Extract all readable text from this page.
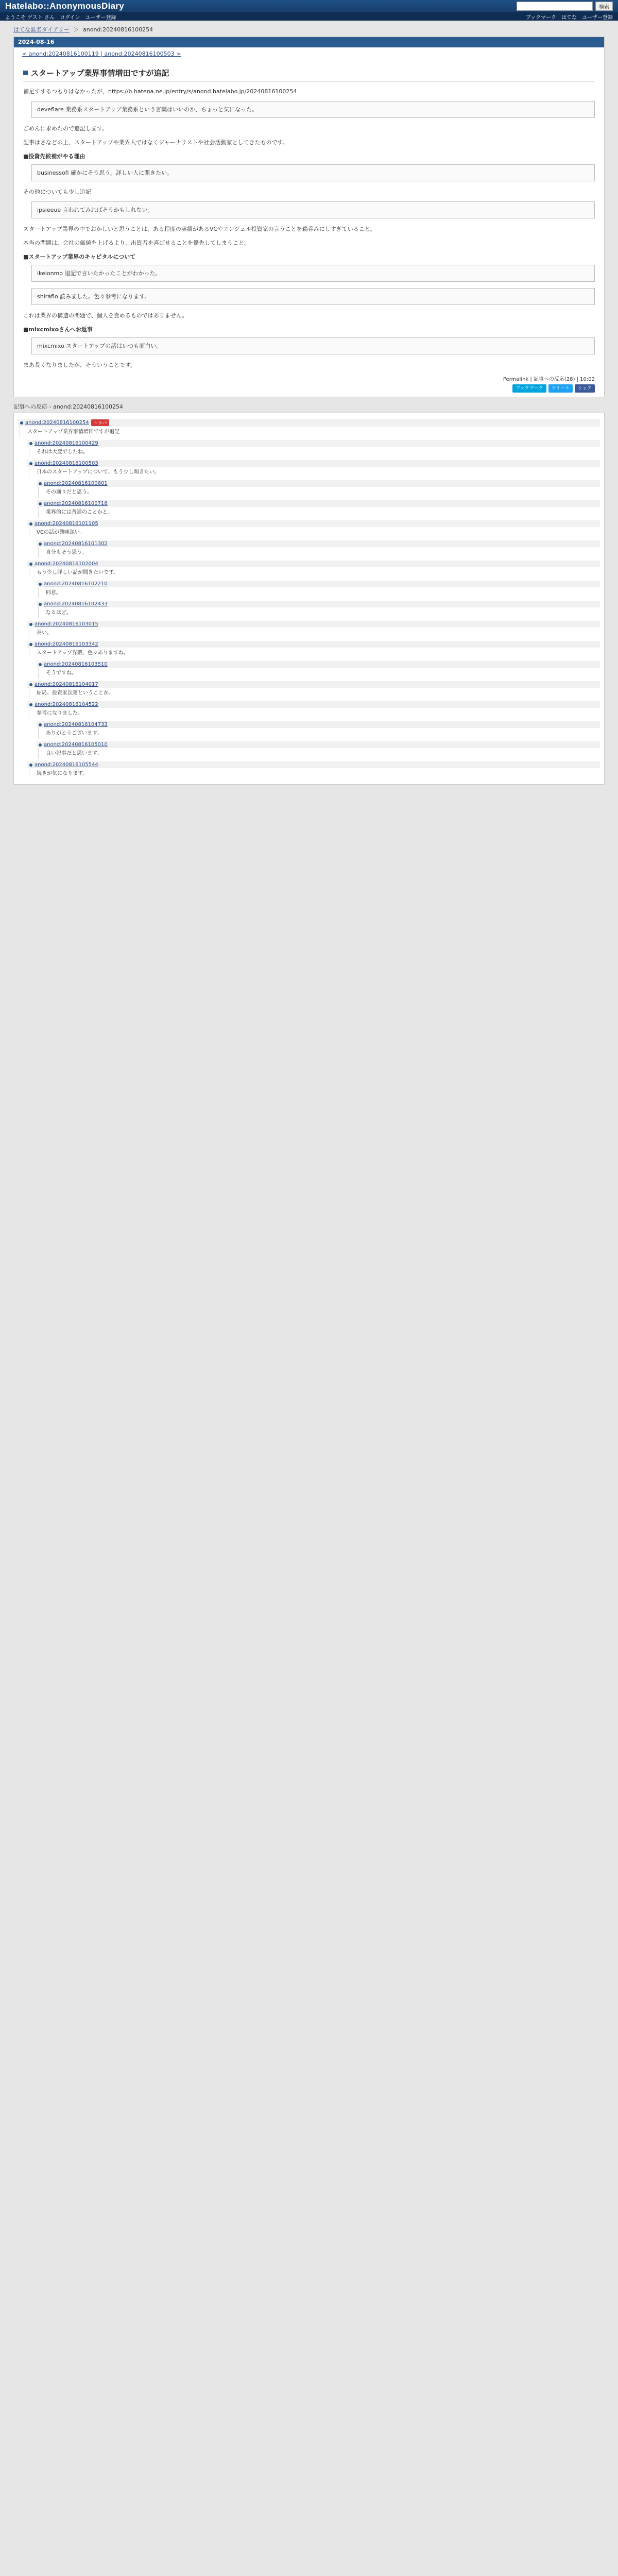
Hatelabo::AnonymousDiary	検索
ようこそ ゲスト さん ログイン ユーザー登録	ブックマーク はてな ユーザー登録
はてな匿名ダイアリー ＞ anond:20240816100254
2024-08-16
< anond:20240816100119 | anond:20240816100503 >
スタートアップ業界事情増田ですが追記

補足すするつもりはなかったが、https://b.hatena.ne.jp/entry/s/anond.hatelabo.jp/20240816100254

deveflare 業務系スタートアップ業務系という言葉はいいのか、ちょっと気になった。

ごめんに求めたので追記します。

記事はさなどの上、スタートアップや業界人ではなくジャーナリストや社会活動家としてきたものです。

■投資先候補がやる理由
businessofi 確かにそう思う。詳しい人に聞きたい。

その他についても少し追記

ipsieeue 言われてみればそうかもしれない。

スタートアップ業界の中でおかしいと思うことは、ある程度の実績があるVCやエンジェル投資家の言うことを鵜呑みにしすぎていること。

本当の問題は、会社の価値を上げるより、出資者を喜ばせることを優先してしまうこと。

■スタートアップ業界のキャピタルについて
ikeionmo 追記で言いたかったことがわかった。
shiraflo 読みました。色々参考になります。

これは業界の構造の問題で、個人を責めるものではありません。

■mixcmixoさんへお返事
mixcmixo スタートアップの話はいつも面白い。

まあ長くなりましたが、そういうことです。

Permalink | 記事への反応(28) | 10:02
ブックマーク	ツイート	シェア
記事への反応 - anond:20240816100254
anond:20240816100254 トラバ
スタートアップ業界事情増田ですが追記
anond:20240816100429
それは大変でしたね。
anond:20240816100503
日本のスタートアップについて、もう少し聞きたい。
anond:20240816100601
その通りだと思う。
anond:20240816100718
業界的には普通のことかと。
anond:20240816101105
VCの話が興味深い。
anond:20240816101302
自分もそう思う。
anond:20240816102004
もう少し詳しい話が聞きたいです。
anond:20240816102210
同意。
anond:20240816102433
なるほど。
anond:20240816103015
長い。
anond:20240816103342
スタートアップ界隈、色々ありますね。
anond:20240816103510
そうですね。
anond:20240816104017
結局、投資家次第ということか。
anond:20240816104522
参考になりました。
anond:20240816104733
ありがとうございます。
anond:20240816105010
良い記事だと思います。
anond:20240816105544
続きが気になります。
